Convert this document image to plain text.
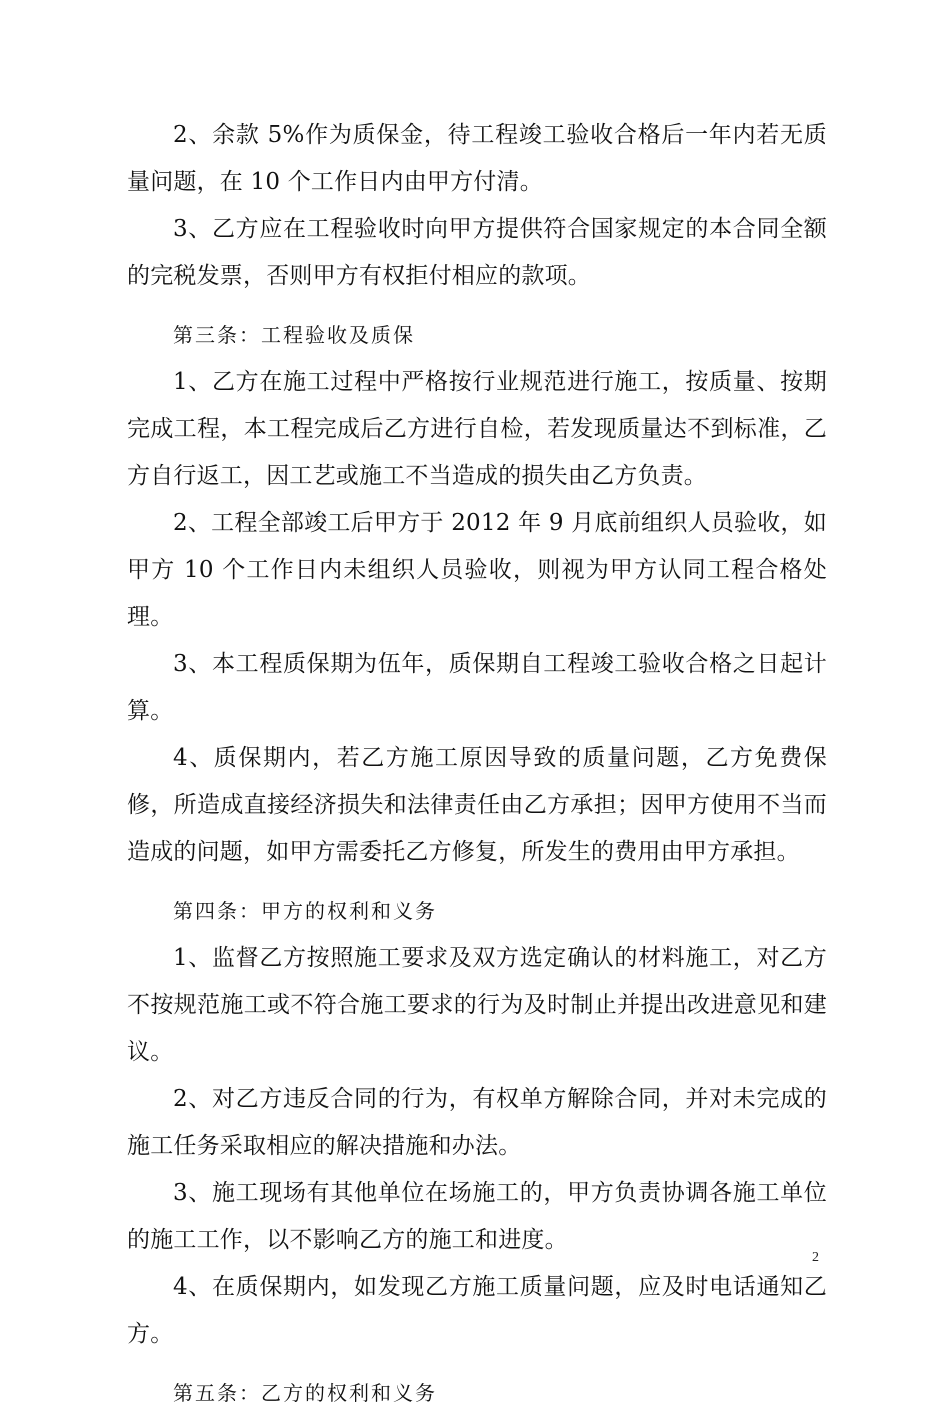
2、余款 5%作为质保金，待工程竣工验收合格后一年内若无质量问题，在 10 个工作日内由甲方付清。

3、乙方应在工程验收时向甲方提供符合国家规定的本合同全额的完税发票，否则甲方有权拒付相应的款项。

第三条：工程验收及质保

1、乙方在施工过程中严格按行业规范进行施工，按质量、按期完成工程，本工程完成后乙方进行自检，若发现质量达不到标准，乙方自行返工，因工艺或施工不当造成的损失由乙方负责。

2、工程全部竣工后甲方于 2012 年 9 月底前组织人员验收，如甲方 10 个工作日内未组织人员验收，则视为甲方认同工程合格处理。

3、本工程质保期为伍年，质保期自工程竣工验收合格之日起计算。

4、质保期内，若乙方施工原因导致的质量问题，乙方免费保修，所造成直接经济损失和法律责任由乙方承担；因甲方使用不当而造成的问题，如甲方需委托乙方修复，所发生的费用由甲方承担。

第四条：甲方的权利和义务

1、监督乙方按照施工要求及双方选定确认的材料施工，对乙方不按规范施工或不符合施工要求的行为及时制止并提出改进意见和建议。

2、对乙方违反合同的行为，有权单方解除合同，并对未完成的施工任务采取相应的解决措施和办法。

3、施工现场有其他单位在场施工的，甲方负责协调各施工单位的施工工作，以不影响乙方的施工和进度。

4、在质保期内，如发现乙方施工质量问题，应及时电话通知乙方。

第五条：乙方的权利和义务

2
